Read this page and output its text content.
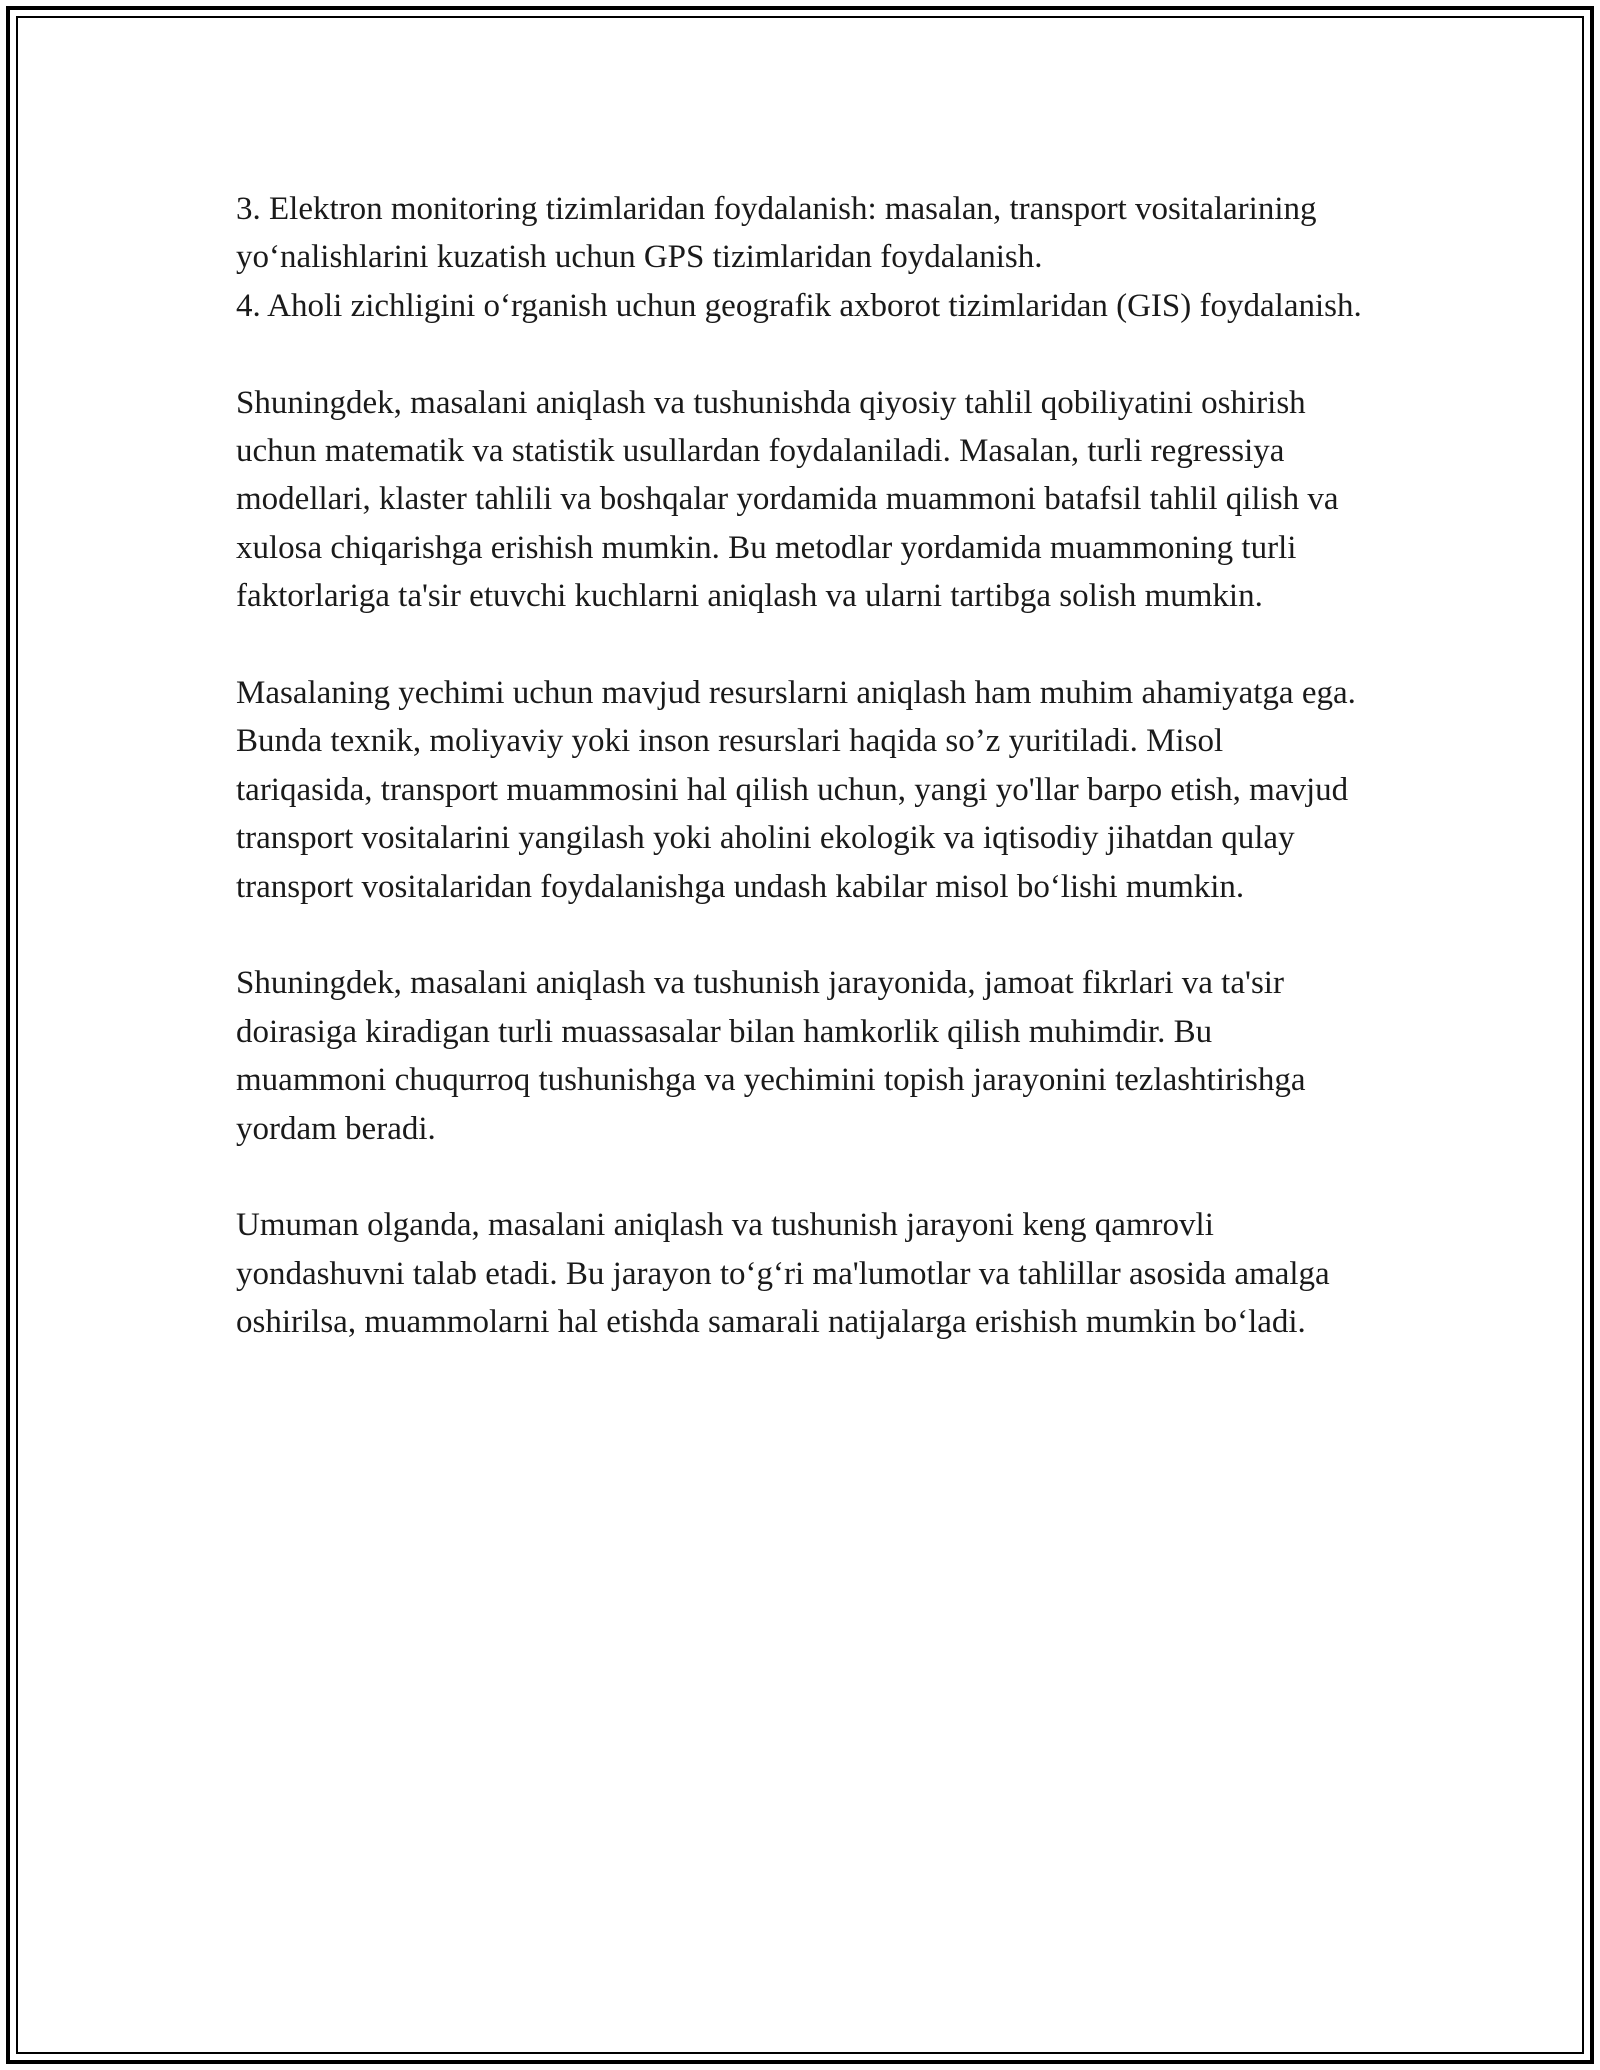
3. Elektron monitoring tizimlaridan foydalanish: masalan, transport vositalarining yo‘nalishlarini kuzatish uchun GPS tizimlaridan foydalanish.

4. Aholi zichligini o‘rganish uchun geografik axborot tizimlaridan (GIS) foydalanish.

Shuningdek, masalani aniqlash va tushunishda qiyosiy tahlil qobiliyatini oshirish uchun matematik va statistik usullardan foydalaniladi. Masalan, turli regressiya modellari, klaster tahlili va boshqalar yordamida muammoni batafsil tahlil qilish va xulosa chiqarishga erishish mumkin. Bu metodlar yordamida muammoning turli faktorlariga ta'sir etuvchi kuchlarni aniqlash va ularni tartibga solish mumkin.

Masalaning yechimi uchun mavjud resurslarni aniqlash ham muhim ahamiyatga ega. Bunda texnik, moliyaviy yoki inson resurslari haqida so’z yuritiladi. Misol tariqasida, transport muammosini hal qilish uchun, yangi yo'llar barpo etish, mavjud transport vositalarini yangilash yoki aholini ekologik va iqtisodiy jihatdan qulay transport vositalaridan foydalanishga undash kabilar misol bo‘lishi mumkin.

Shuningdek, masalani aniqlash va tushunish jarayonida, jamoat fikrlari va ta'sir doirasiga kiradigan turli muassasalar bilan hamkorlik qilish muhimdir. Bu muammoni chuqurroq tushunishga va yechimini topish jarayonini tezlashtirishga yordam beradi.

Umuman olganda, masalani aniqlash va tushunish jarayoni keng qamrovli yondashuvni talab etadi. Bu jarayon to‘g‘ri ma'lumotlar va tahlillar asosida amalga oshirilsa, muammolarni hal etishda samarali natijalarga erishish mumkin bo‘ladi.
